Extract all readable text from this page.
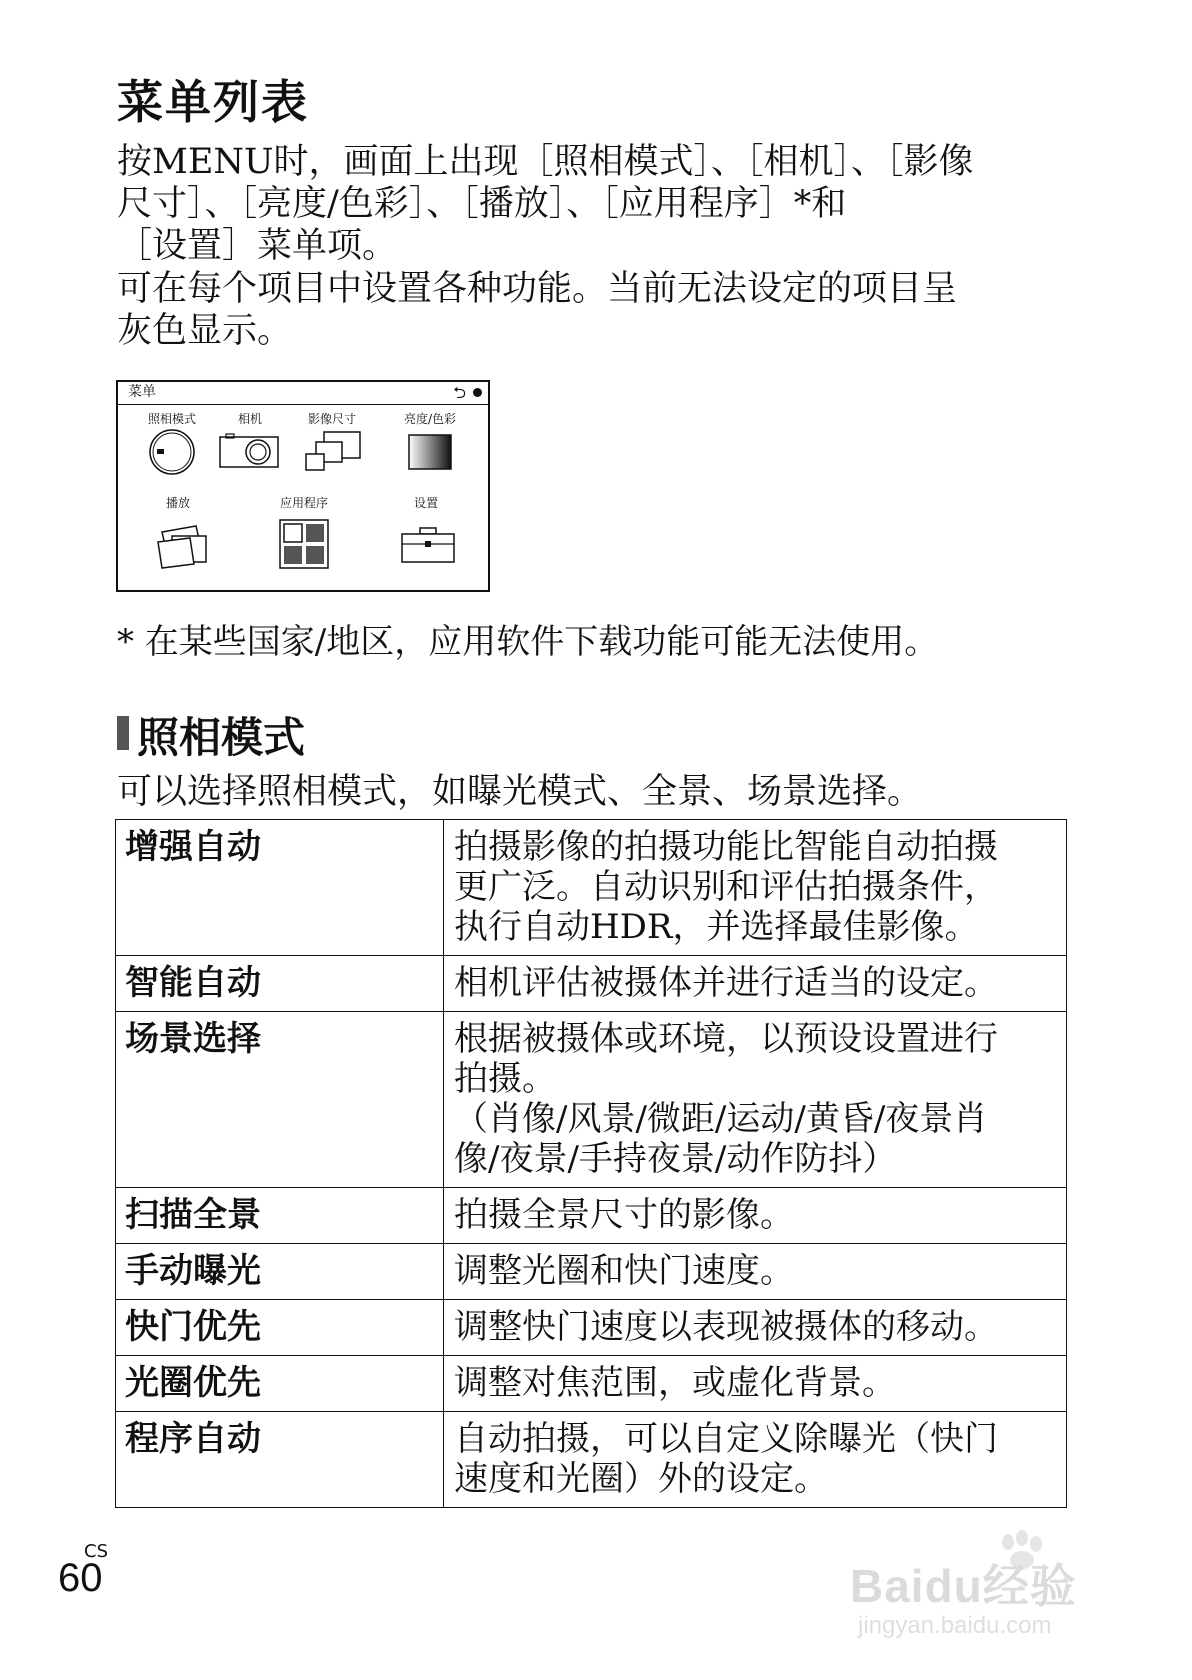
菜单列表

按MENU时，画面上出现［照相模式］、［相机］、［影像
尺寸］、［亮度/色彩］、［播放］、［应用程序］*和
［设置］菜单项。

可在每个项目中设置各种功能。当前无法设定的项目呈
灰色显示。

菜单	⮌
照相模式	相机	影像尺寸	亮度/色彩
播放	应用程序	设置

* 在某些国家/地区，应用软件下载功能可能无法使用。

照相模式

可以选择照相模式，如曝光模式、全景、场景选择。

增强自动	拍摄影像的拍摄功能比智能自动拍摄
更广泛。自动识别和评估拍摄条件，
执行自动HDR，并选择最佳影像。
智能自动	相机评估被摄体并进行适当的设定。
场景选择	根据被摄体或环境，以预设设置进行
拍摄。
（肖像/风景/微距/运动/黄昏/夜景肖
像/夜景/手持夜景/动作防抖）
扫描全景	拍摄全景尺寸的影像。
手动曝光	调整光圈和快门速度。
快门优先	调整快门速度以表现被摄体的移动。
光圈优先	调整对焦范围，或虚化背景。
程序自动	自动拍摄，可以自定义除曝光（快门
速度和光圈）外的设定。

CS

60	Baidu经验
jingyan.baidu.com
